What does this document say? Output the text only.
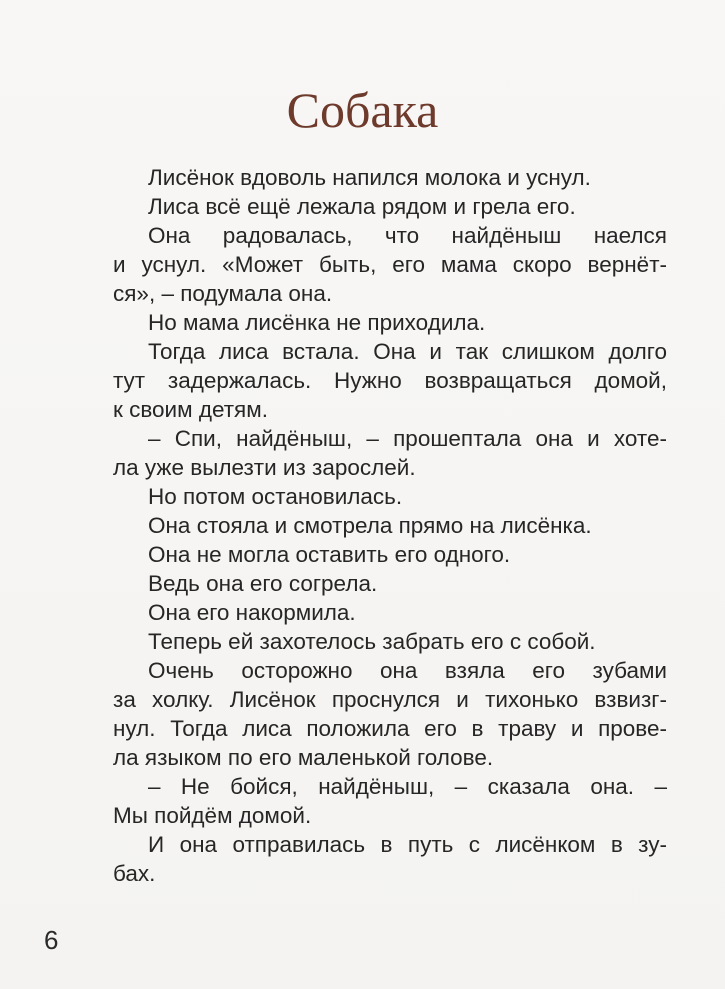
Собака
Лисёнок вдоволь напился молока и уснул.
Лиса всё ещё лежала рядом и грела его.
Она радовалась, что найдёныш наелся
и уснул. «Может быть, его мама скоро вернёт-
ся», – подумала она.
Но мама лисёнка не приходила.
Тогда лиса встала. Она и так слишком долго
тут задержалась. Нужно возвращаться домой,
к своим детям.
– Спи, найдёныш, – прошептала она и хоте-
ла уже вылезти из зарослей.
Но потом остановилась.
Она стояла и смотрела прямо на лисёнка.
Она не могла оставить его одного.
Ведь она его согрела.
Она его накормила.
Теперь ей захотелось забрать его с собой.
Очень осторожно она взяла его зубами
за холку. Лисёнок проснулся и тихонько взвизг-
нул. Тогда лиса положила его в траву и прове-
ла языком по его маленькой голове.
– Не бойся, найдёныш, – сказала она. –
Мы пойдём домой.
И она отправилась в путь с лисёнком в зу-
бах.
6
